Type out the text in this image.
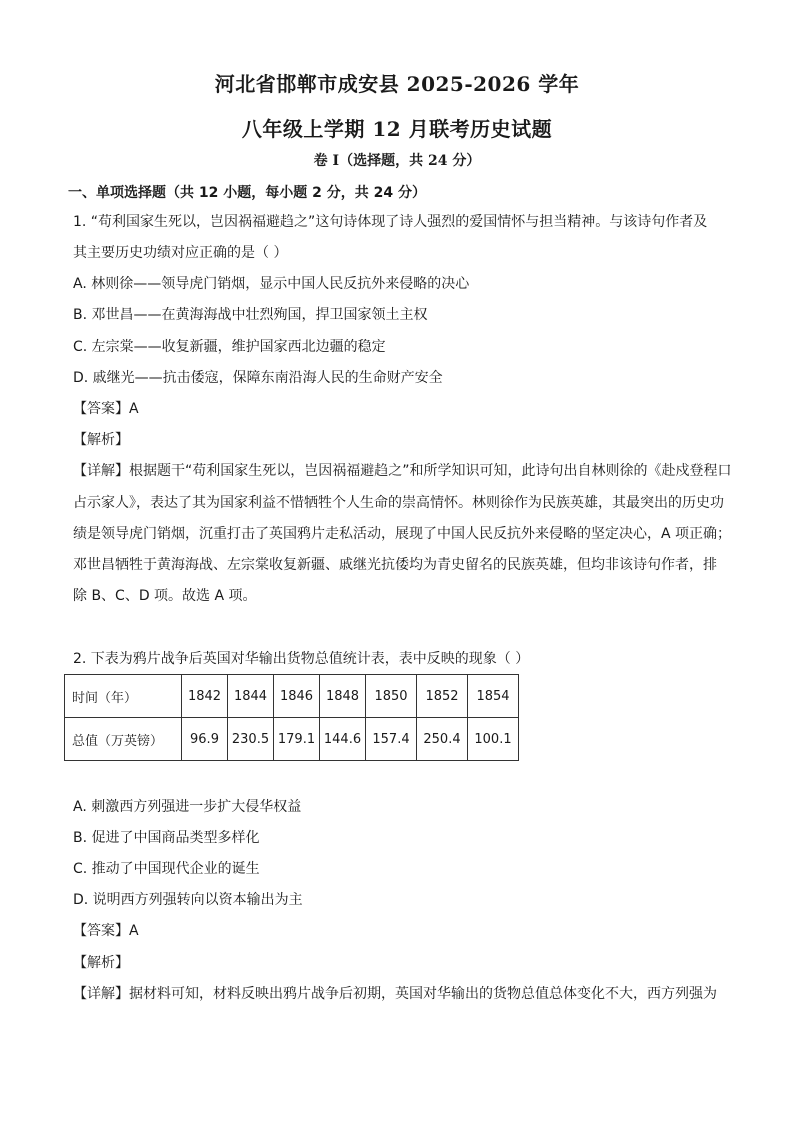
河北省邯郸市成安县 2025-2026 学年
八年级上学期 12 月联考历史试题
卷 I（选择题，共 24 分）
一、单项选择题（共 12 小题，每小题 2 分，共 24 分）
1. “苟利国家生死以，岂因祸福避趋之”这句诗体现了诗人强烈的爱国情怀与担当精神。与该诗句作者及
其主要历史功绩对应正确的是（ ）
A. 林则徐——领导虎门销烟，显示中国人民反抗外来侵略的决心
B. 邓世昌——在黄海海战中壮烈殉国，捍卫国家领土主权
C. 左宗棠——收复新疆，维护国家西北边疆的稳定
D. 戚继光——抗击倭寇，保障东南沿海人民的生命财产安全
【答案】A
【解析】
【详解】根据题干“苟利国家生死以，岂因祸福避趋之”和所学知识可知，此诗句出自林则徐的《赴戍登程口
占示家人》，表达了其为国家利益不惜牺牲个人生命的崇高情怀。林则徐作为民族英雄，其最突出的历史功
绩是领导虎门销烟，沉重打击了英国鸦片走私活动，展现了中国人民反抗外来侵略的坚定决心，A 项正确；
邓世昌牺牲于黄海海战、左宗棠收复新疆、戚继光抗倭均为青史留名的民族英雄，但均非该诗句作者，排
除 B、C、D 项。故选 A 项。
2. 下表为鸦片战争后英国对华输出货物总值统计表，表中反映的现象（ ）
时间（年）	1842	1844	1846	1848	1850	1852	1854
总值（万英镑）	96.9	230.5	179.1	144.6	157.4	250.4	100.1
A. 刺激西方列强进一步扩大侵华权益
B. 促进了中国商品类型多样化
C. 推动了中国现代企业的诞生
D. 说明西方列强转向以资本输出为主
【答案】A
【解析】
【详解】据材料可知，材料反映出鸦片战争后初期，英国对华输出的货物总值总体变化不大，西方列强为
